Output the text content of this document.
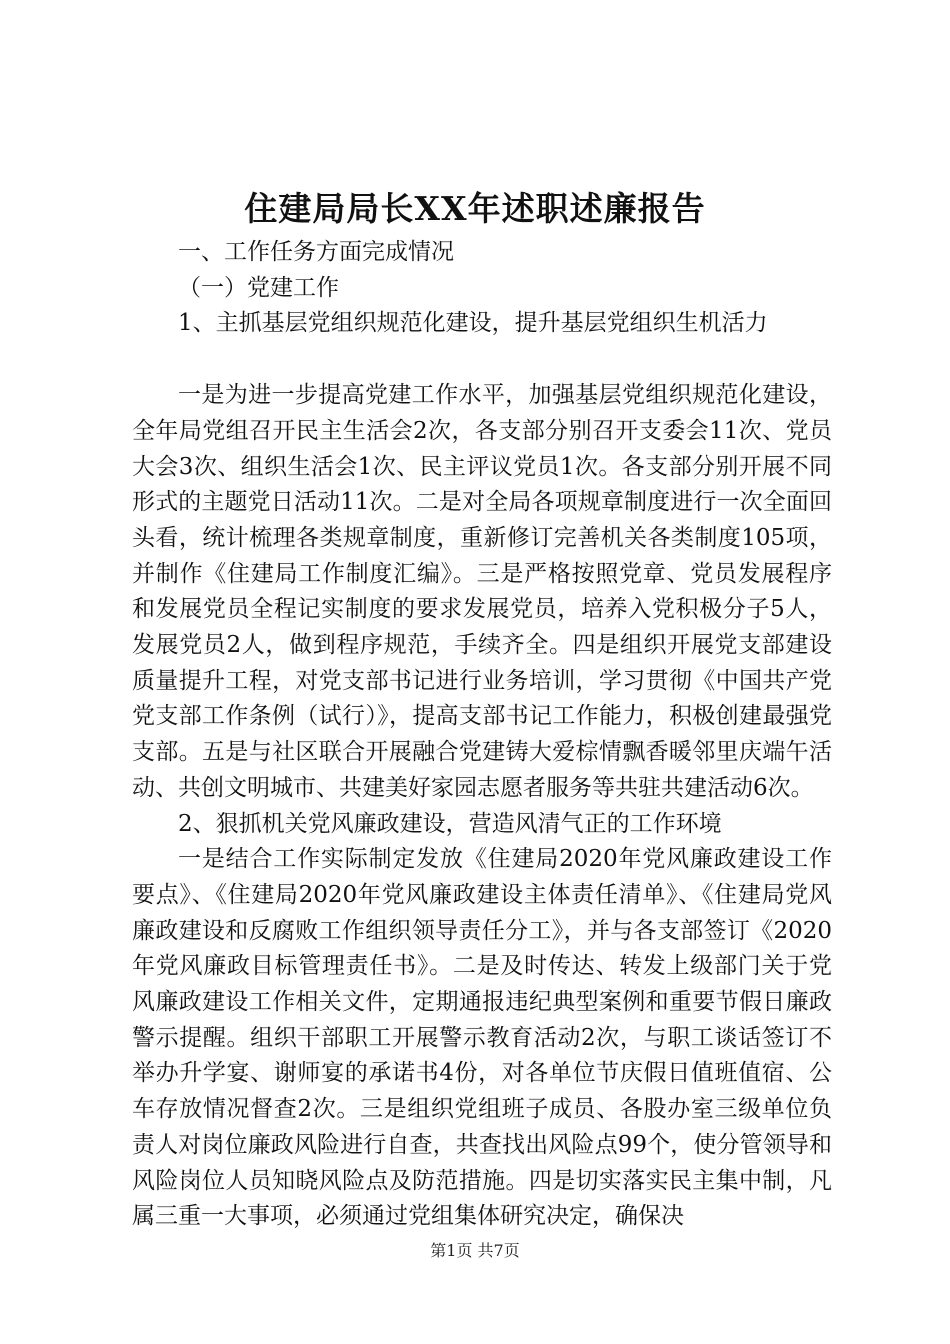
住建局局长XX年述职述廉报告

一、工作任务方面完成情况

（一）党建工作

1、主抓基层党组织规范化建设，提升基层党组织生机活力

一是为进一步提高党建工作水平，加强基层党组织规范化建设，全年局党组召开民主生活会2次，各支部分别召开支委会11次、党员大会3次、组织生活会1次、民主评议党员1次。各支部分别开展不同形式的主题党日活动11次。二是对全局各项规章制度进行一次全面回头看，统计梳理各类规章制度，重新修订完善机关各类制度105项，并制作《住建局工作制度汇编》。三是严格按照党章、党员发展程序和发展党员全程记实制度的要求发展党员，培养入党积极分子5人，发展党员2人，做到程序规范，手续齐全。四是组织开展党支部建设质量提升工程，对党支部书记进行业务培训，学习贯彻《中国共产党党支部工作条例（试行）》，提高支部书记工作能力，积极创建最强党支部。五是与社区联合开展融合党建铸大爱棕情飘香暖邻里庆端午活动、共创文明城市、共建美好家园志愿者服务等共驻共建活动6次。

2、狠抓机关党风廉政建设，营造风清气正的工作环境

一是结合工作实际制定发放《住建局2020年党风廉政建设工作要点》、《住建局2020年党风廉政建设主体责任清单》、《住建局党风廉政建设和反腐败工作组织领导责任分工》，并与各支部签订《2020年党风廉政目标管理责任书》。二是及时传达、转发上级部门关于党风廉政建设工作相关文件，定期通报违纪典型案例和重要节假日廉政警示提醒。组织干部职工开展警示教育活动2次，与职工谈话签订不举办升学宴、谢师宴的承诺书4份，对各单位节庆假日值班值宿、公车存放情况督查2次。三是组织党组班子成员、各股办室三级单位负责人对岗位廉政风险进行自查，共查找出风险点99个，使分管领导和风险岗位人员知晓风险点及防范措施。四是切实落实民主集中制，凡属三重一大事项，必须通过党组集体研究决定，确保决

第1页 共7页
